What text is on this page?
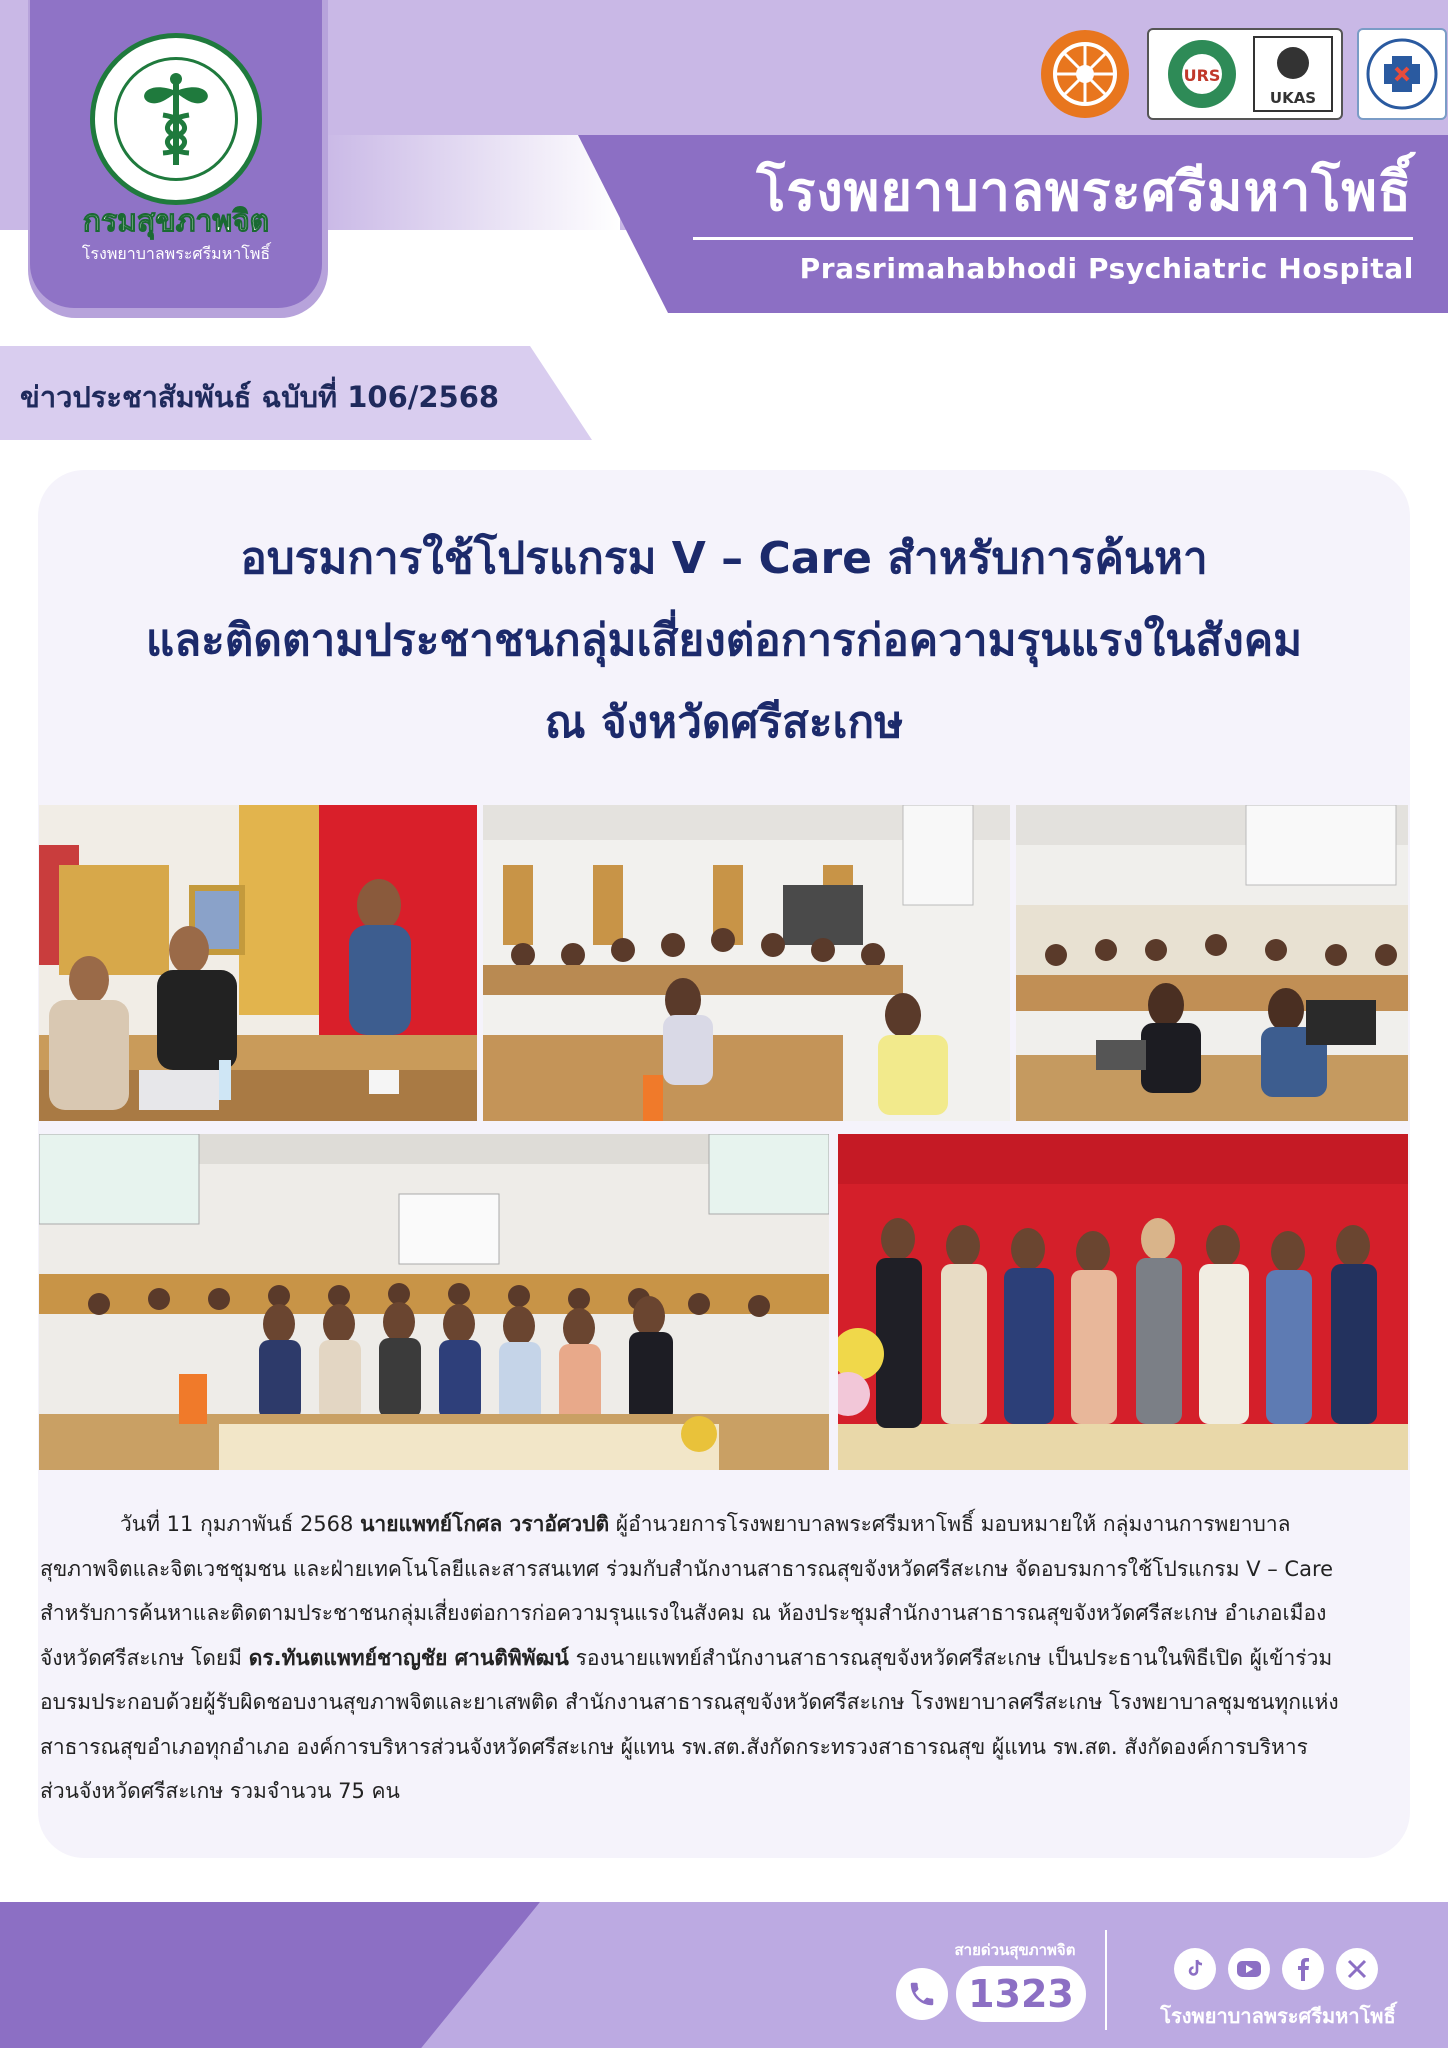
กรมสุขภาพจิต
โรงพยาบาลพระศรีมหาโพธิ์
โรงพยาบาลพระศรีมหาโพธิ์
Prasrimahabhodi Psychiatric Hospital
URS
UKAS
ข่าวประชาสัมพันธ์ ฉบับที่ 106/2568
อบรมการใช้โปรแกรม V – Care สำหรับการค้นหา
และติดตามประชาชนกลุ่มเสี่ยงต่อการก่อความรุนแรงในสังคม
ณ จังหวัดศรีสะเกษ
วันที่ 11 กุมภาพันธ์ 2568 นายแพทย์โกศล วราอัศวปติ ผู้อำนวยการโรงพยาบาลพระศรีมหาโพธิ์ มอบหมายให้ กลุ่มงานการพยาบาล
สุขภาพจิตและจิตเวชชุมชน และฝ่ายเทคโนโลยีและสารสนเทศ ร่วมกับสำนักงานสาธารณสุขจังหวัดศรีสะเกษ จัดอบรมการใช้โปรแกรม V – Care
สำหรับการค้นหาและติดตามประชาชนกลุ่มเสี่ยงต่อการก่อความรุนแรงในสังคม ณ ห้องประชุมสำนักงานสาธารณสุขจังหวัดศรีสะเกษ อำเภอเมือง
จังหวัดศรีสะเกษ โดยมี ดร.ทันตแพทย์ชาญชัย ศานติพิพัฒน์ รองนายแพทย์สำนักงานสาธารณสุขจังหวัดศรีสะเกษ เป็นประธานในพิธีเปิด ผู้เข้าร่วม
อบรมประกอบด้วยผู้รับผิดชอบงานสุขภาพจิตและยาเสพติด สำนักงานสาธารณสุขจังหวัดศรีสะเกษ โรงพยาบาลศรีสะเกษ โรงพยาบาลชุมชนทุกแห่ง
สาธารณสุขอำเภอทุกอำเภอ องค์การบริหารส่วนจังหวัดศรีสะเกษ ผู้แทน รพ.สต.สังกัดกระทรวงสาธารณสุข ผู้แทน รพ.สต. สังกัดองค์การบริหาร
ส่วนจังหวัดศรีสะเกษ รวมจำนวน 75 คน
สายด่วนสุขภาพจิต
1323	โรงพยาบาลพระศรีมหาโพธิ์
